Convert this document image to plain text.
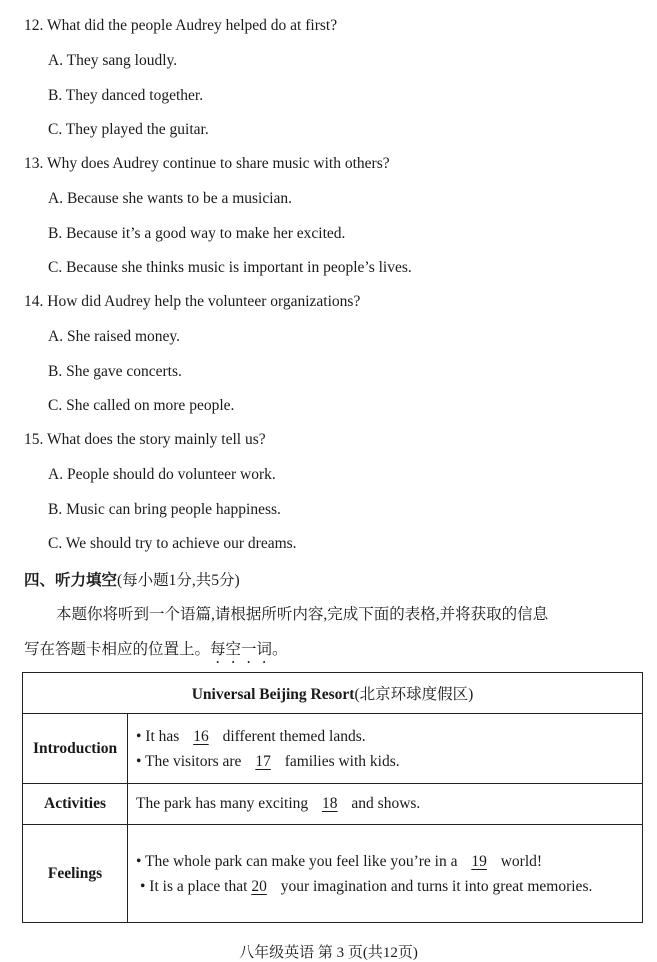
12. What did the people Audrey helped do at first?
A. They sang loudly.
B. They danced together.
C. They played the guitar.
13. Why does Audrey continue to share music with others?
A. Because she wants to be a musician.
B. Because it’s a good way to make her excited.
C. Because she thinks music is important in people’s lives.
14. How did Audrey help the volunteer organizations?
A. She raised money.
B. She gave concerts.
C. She called on more people.
15. What does the story mainly tell us?
A. People should do volunteer work.
B. Music can bring people happiness.
C. We should try to achieve our dreams.
四、听力填空(每小题1分,共5分)
本题你将听到一个语篇,请根据所听内容,完成下面的表格,并将获取的信息
写在答题卡相应的位置上。每空一词。
Universal Beijing Resort(北京环球度假区)	
Introduction	• It has 16 different themed lands.
• The visitors are 17 families with kids.

Activities	The park has many exciting 18 and shows.
Feelings	• The whole park can make you feel like you’re in a 19 world!
• It is a place that 20 your imagination and turns it into great memories.
八年级英语 第 3 页(共12页)
